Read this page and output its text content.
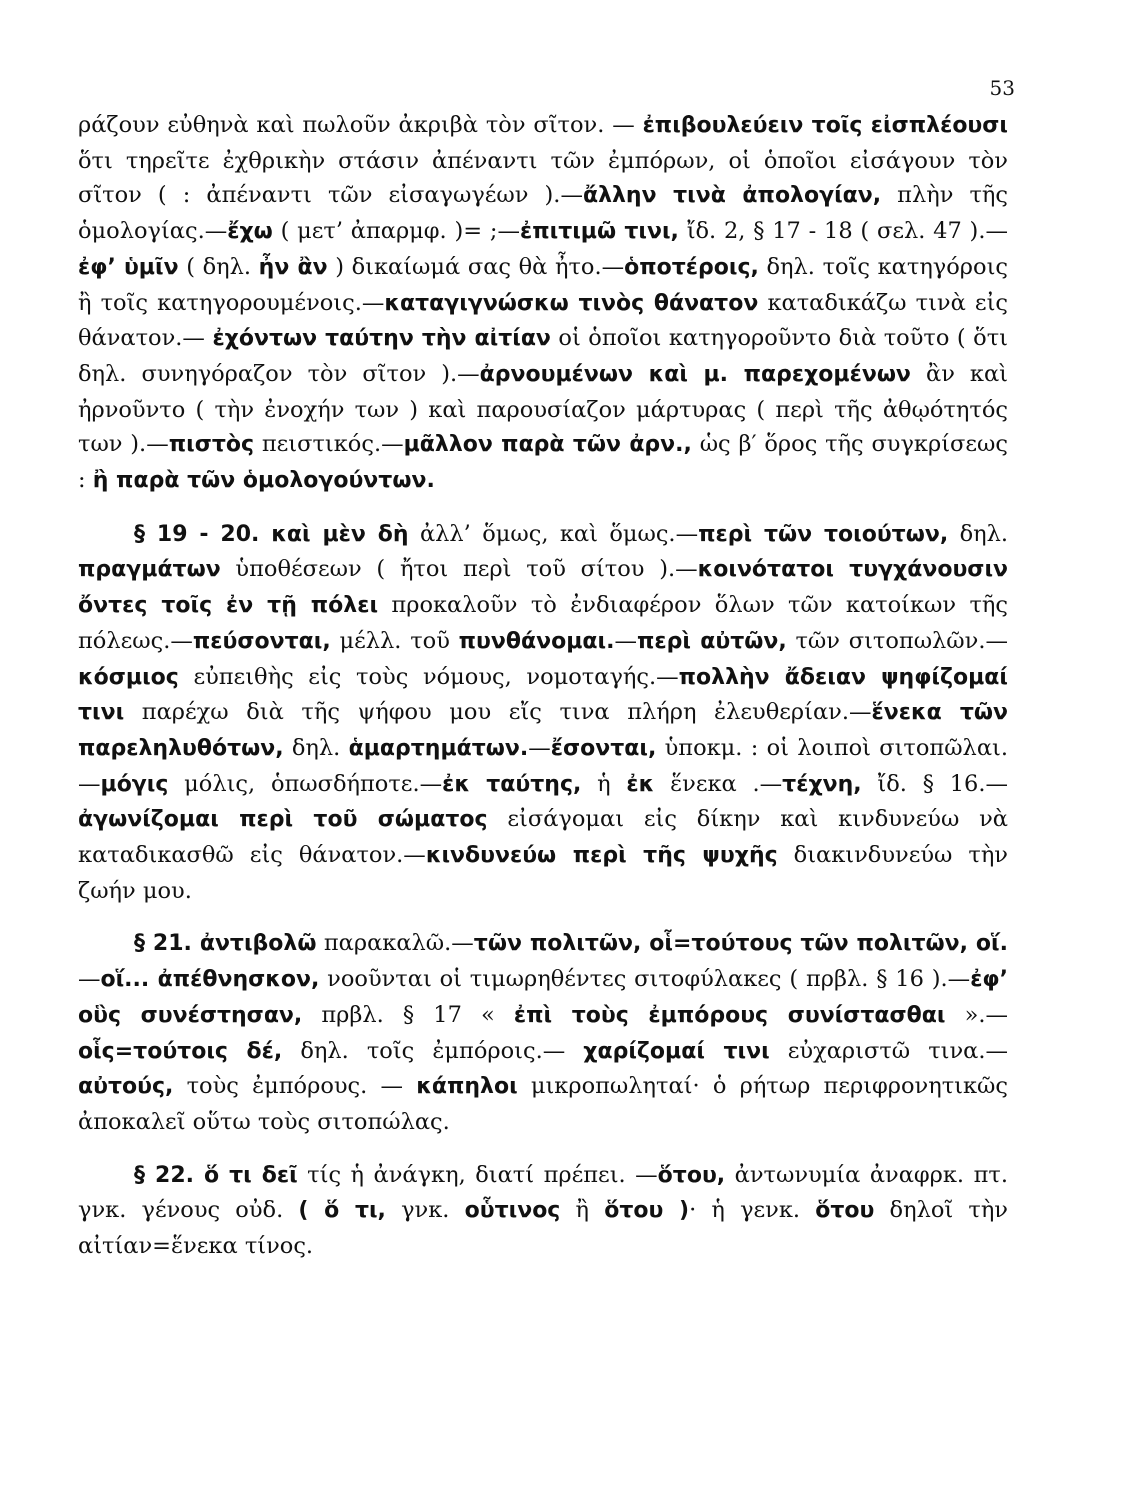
53

ράζουν εὐθηνὰ καὶ πωλοῦν ἀκριβὰ τὸν σῖτον. — ἐπιβουλεύειν τοῖς εἰσπλέουσι ὅτι τηρεῖτε ἐχθρικὴν στάσιν ἀπέναντι τῶν ἐμπόρων, οἱ ὁποῖοι εἰσάγουν τὸν σῖτον ( : ἀπέναντι τῶν εἰσαγωγέων ).—ἄλλην τινὰ ἀπολογίαν, πλὴν τῆς ὁμολογίας.—ἔχω ( μετ’ ἀπαρμφ. )= ;—ἐπιτιμῶ τινι, ἴδ. 2, § 17 - 18 ( σελ. 47 ).—ἐφ’ ὑμῖν ( δηλ. ἦν ἂν ) δικαίωμά σας θὰ ἦτο.—ὁποτέροις, δηλ. τοῖς κατηγόροις ἢ τοῖς κατηγορουμένοις.—καταγιγνώσκω τινὸς θάνατον καταδικάζω τινὰ εἰς θάνατον.— ἐχόντων ταύτην τὴν αἰτίαν οἱ ὁποῖοι κατηγοροῦντο διὰ τοῦτο ( ὅτι δηλ. συνηγόραζον τὸν σῖτον ).—ἀρνουμένων καὶ μ. παρεχομένων ἂν καὶ ἠρνοῦντο ( τὴν ἐνοχήν των ) καὶ παρουσίαζον μάρτυρας ( περὶ τῆς ἀθῳότητός των ).—πιστὸς πειστικός.—μᾶλλον παρὰ τῶν ἀρν., ὡς β′ ὅρος τῆς συγκρίσεως : ἢ παρὰ τῶν ὁμολογούντων.

§ 19 - 20. καὶ μὲν δὴ ἀλλ’ ὅμως, καὶ ὅμως.—περὶ τῶν τοιούτων, δηλ. πραγμάτων ὑποθέσεων ( ἤτοι περὶ τοῦ σίτου ).—κοινότατοι τυγχάνουσιν ὄντες τοῖς ἐν τῇ πόλει προκαλοῦν τὸ ἐνδιαφέρον ὅλων τῶν κατοίκων τῆς πόλεως.—πεύσονται, μέλλ. τοῦ πυνθάνομαι.—περὶ αὐτῶν, τῶν σιτοπωλῶν.—κόσμιος εὐπειθὴς εἰς τοὺς νόμους, νομοταγής.—πολλὴν ἄδειαν ψηφίζομαί τινι παρέχω διὰ τῆς ψήφου μου εἴς τινα πλήρη ἐλευθερίαν.—ἕνεκα τῶν παρεληλυθότων, δηλ. ἁμαρτημάτων.—ἔσονται, ὑποκμ. : οἱ λοιποὶ σιτοπῶλαι.—μόγις μόλις, ὁπωσδήποτε.—ἐκ ταύτης, ἡ ἐκ ἕνεκα .—τέχνη, ἴδ. § 16.—ἀγωνίζομαι περὶ τοῦ σώματος εἰσάγομαι εἰς δίκην καὶ κινδυνεύω νὰ καταδικασθῶ εἰς θάνατον.—κινδυνεύω περὶ τῆς ψυχῆς διακινδυνεύω τὴν ζωήν μου.

§ 21. ἀντιβολῶ παρακαλῶ.—τῶν πολιτῶν, οἷ=τούτους τῶν πολιτῶν, οἵ.—οἵ... ἀπέθνησκον, νοοῦνται οἱ τιμωρηθέντες σιτοφύλακες ( πρβλ. § 16 ).—ἐφ’ οὓς συνέστησαν, πρβλ. § 17 « ἐπὶ τοὺς ἐμπόρους συνίστασθαι ».—οἷς=τούτοις δέ, δηλ. τοῖς ἐμπόροις.— χαρίζομαί τινι εὐχαριστῶ τινα.— αὐτούς, τοὺς ἐμπόρους. — κάπηλοι μικροπωληταί· ὁ ρήτωρ περιφρονητικῶς ἀποκαλεῖ οὕτω τοὺς σιτοπώλας.

§ 22. ὅ τι δεῖ τίς ἡ ἀνάγκη, διατί πρέπει. —ὅτου, ἀντωνυμία ἀναφρκ. πτ. γνκ. γένους οὐδ. ( ὅ τι, γνκ. οὗτινος ἢ ὅτου )· ἡ γενκ. ὅτου δηλοῖ τὴν αἰτίαν=ἕνεκα τίνος.
